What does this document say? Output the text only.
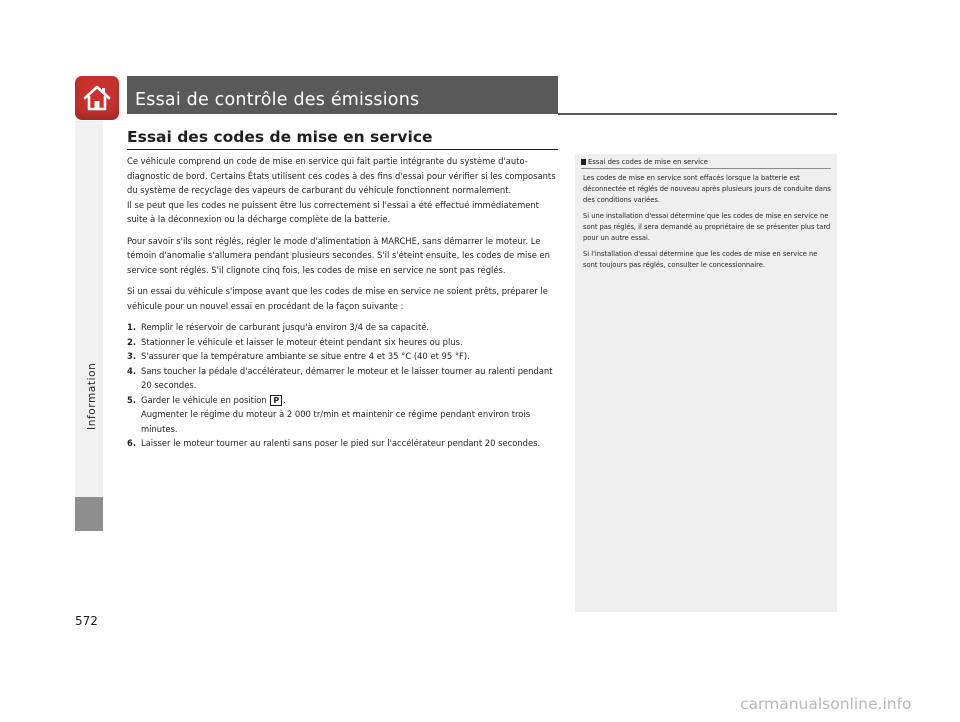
Information
572
Essai de contrôle des émissions
Essai des codes de mise en service

Ce véhicule comprend un code de mise en service qui fait partie intégrante du système d'auto-diagnostic de bord. Certains États utilisent ces codes à des fins d'essai pour vérifier si les composants du système de recyclage des vapeurs de carburant du véhicule fonctionnent normalement.

Il se peut que les codes ne puissent être lus correctement si l'essai a été effectué immédiatement suite à la déconnexion ou la décharge complète de la batterie.

Pour savoir s'ils sont réglés, régler le mode d'alimentation à MARCHE, sans démarrer le moteur. Le témoin d'anomalie s'allumera pendant plusieurs secondes. S'il s'éteint ensuite, les codes de mise en service sont réglés. S'il clignote cinq fois, les codes de mise en service ne sont pas réglés.

Si un essai du véhicule s'impose avant que les codes de mise en service ne soient prêts, préparer le véhicule pour un nouvel essai en procédant de la façon suivante :

1. Remplir le réservoir de carburant jusqu'à environ 3/4 de sa capacité.
2. Stationner le véhicule et laisser le moteur éteint pendant six heures ou plus.
3. S'assurer que la température ambiante se situe entre 4 et 35 °C (40 et 95 °F).
4. Sans toucher la pédale d'accélérateur, démarrer le moteur et le laisser tourner au ralenti pendant 20 secondes.
5. Garder le véhicule en position P .
Augmenter le régime du moteur à 2 000 tr/min et maintenir ce régime pendant environ trois minutes.
6. Laisser le moteur tourner au ralenti sans poser le pied sur l'accélérateur pendant 20 secondes.
Essai des codes de mise en service

Les codes de mise en service sont effacés lorsque la batterie est déconnectée et réglés de nouveau après plusieurs jours de conduite dans des conditions variées.

Si une installation d'essai détermine que les codes de mise en service ne sont pas réglés, il sera demandé au propriétaire de se présenter plus tard pour un autre essai.

Si l'installation d'essai détermine que les codes de mise en service ne sont toujours pas réglés, consulter le concessionnaire.

carmanualsonline.info
